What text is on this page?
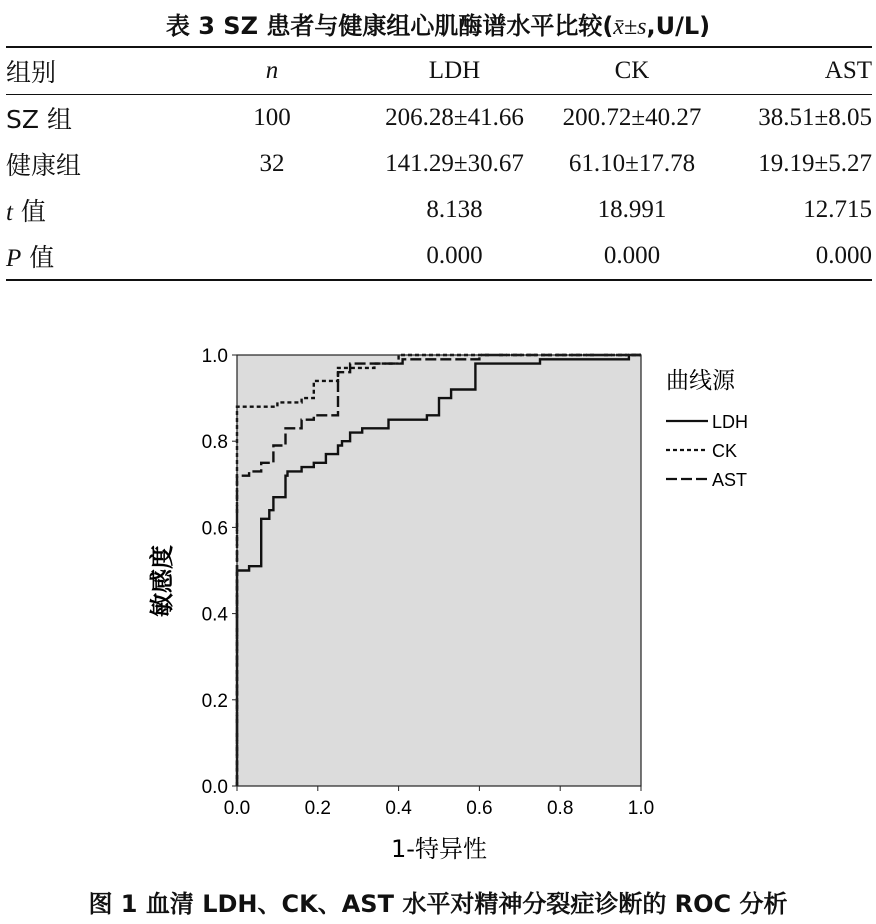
表 3 SZ 患者与健康组心肌酶谱水平比较(x̄±s,U/L)
组别	n	LDH	CK	AST
SZ 组	100	206.28±41.66	200.72±40.27	38.51±8.05
健康组	32	141.29±30.67	61.10±17.78	19.19±5.27
t 值		8.138	18.991	12.715
P 值		0.000	0.000	0.000
0.0	0.2	0.4	0.6	0.8	1.0
0.0
0.2
0.4
0.6
0.8
1.0
1-特异性
敏感度
曲线源
LDH
CK
AST
图 1 血清 LDH、CK、AST 水平对精神分裂症诊断的 ROC 分析
